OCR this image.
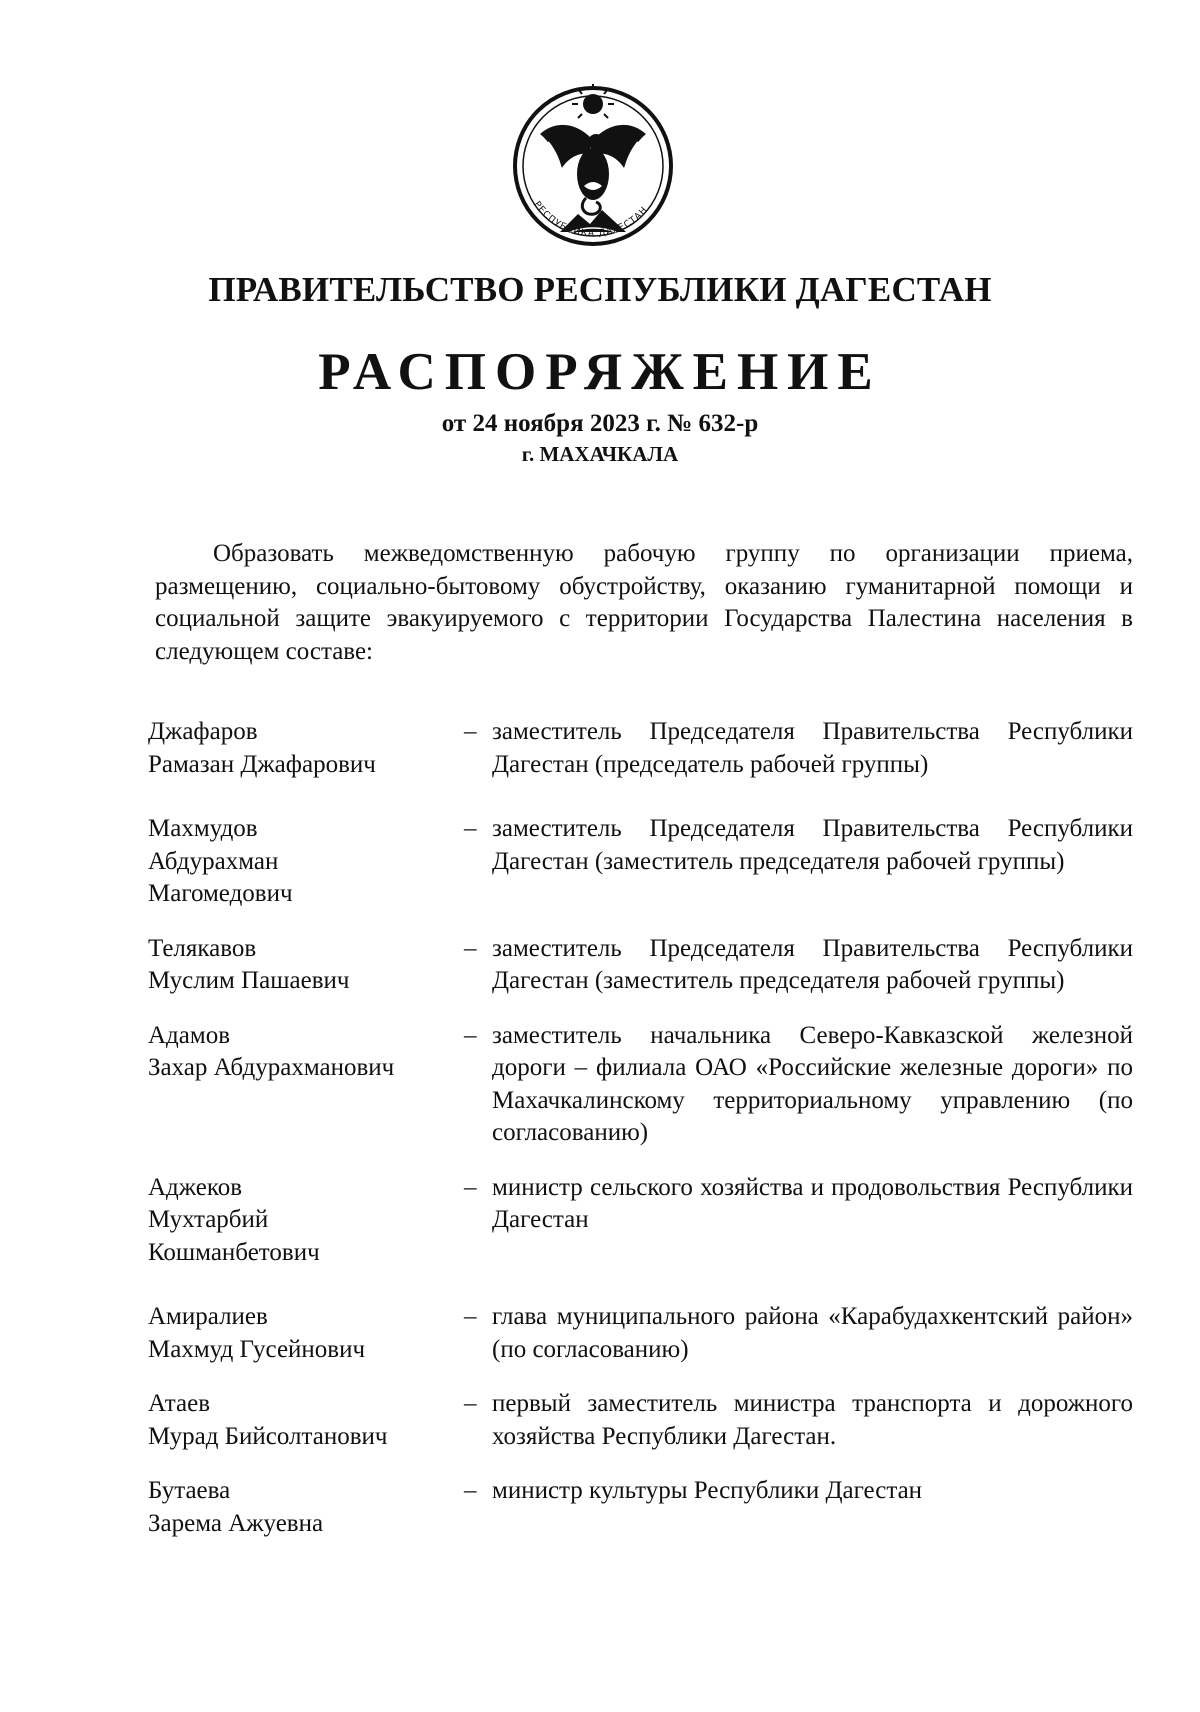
РЕСПУБЛИКА ДАГЕСТАН
ПРАВИТЕЛЬСТВО РЕСПУБЛИКИ ДАГЕСТАН
РАСПОРЯЖЕНИЕ
от 24 ноября 2023 г. № 632-р
г. МАХАЧКАЛА

Образовать межведомственную рабочую группу по организации приема, размещению, социально-бытовому обустройству, оказанию гуманитарной помощи и социальной защите эвакуируемого с территории Государства Палестина населения в следующем составе:

Джафаров
Рамазан Джафарович
– заместитель Председателя Правительства Республики Дагестан (председатель рабочей группы)
Махмудов
Абдурахман
Магомедович
– заместитель Председателя Правительства Республики Дагестан (заместитель председателя рабочей группы)
Телякавов
Муслим Пашаевич
– заместитель Председателя Правительства Республики Дагестан (заместитель председателя рабочей группы)
Адамов
Захар Абдурахманович
– заместитель начальника Северо-Кавказской железной дороги – филиала ОАО «Российские железные дороги» по Махачкалинскому территориальному управлению (по согласованию)
Аджеков
Мухтарбий
Кошманбетович
– министр сельского хозяйства и продовольствия Республики Дагестан
Амиралиев
Махмуд Гусейнович
– глава муниципального района «Карабудахкентский район» (по согласованию)
Атаев
Мурад Бийсолтанович
– первый заместитель министра транспорта и дорожного хозяйства Республики Дагестан.
Бутаева
Зарема Ажуевна
– министр культуры Республики Дагестан
